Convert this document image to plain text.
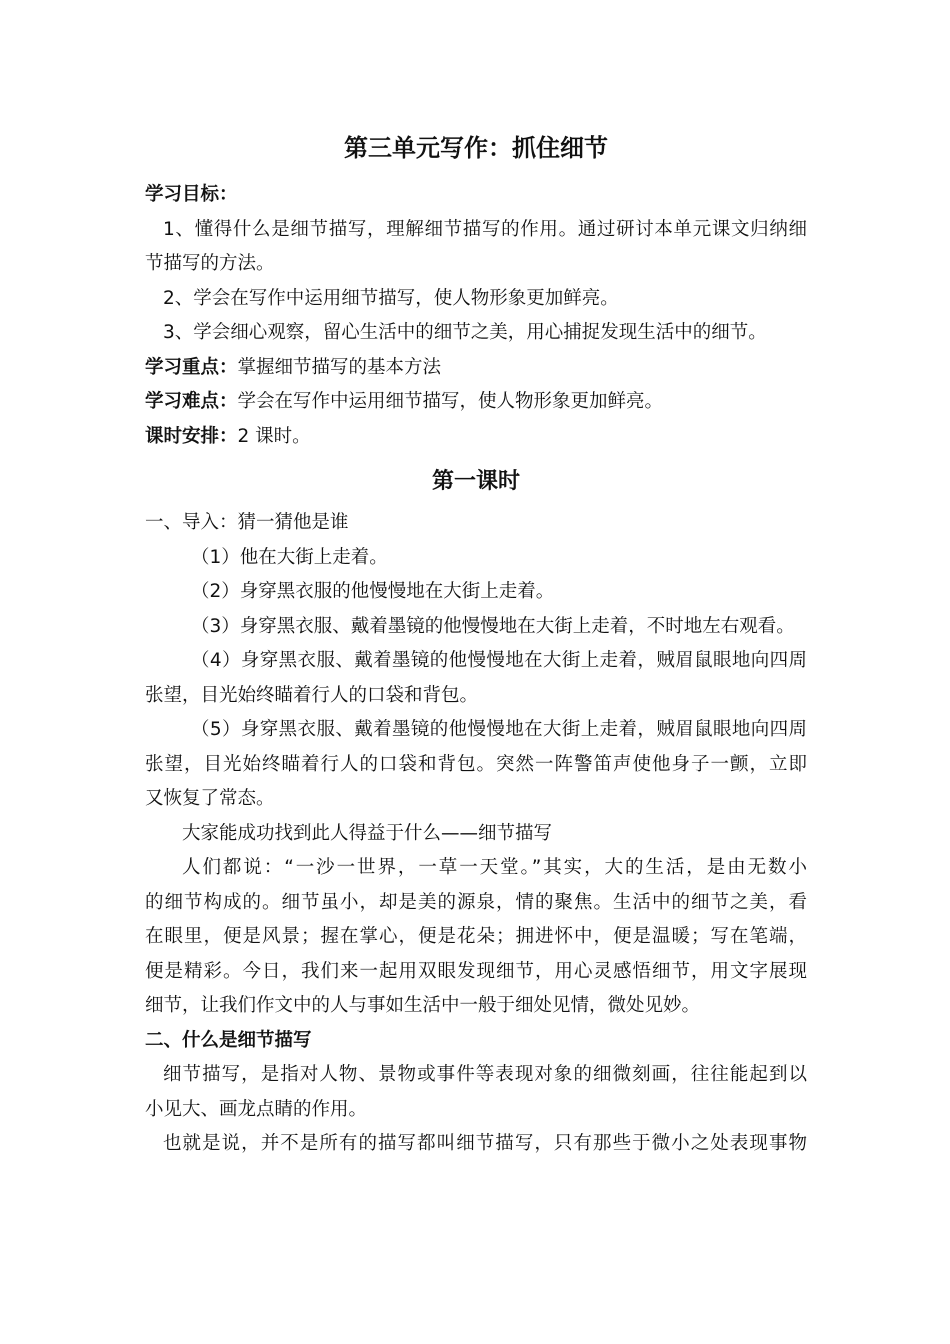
第三单元写作：抓住细节
学习目标：
1、懂得什么是细节描写，理解细节描写的作用。通过研讨本单元课文归纳细
节描写的方法。
2、学会在写作中运用细节描写，使人物形象更加鲜亮。
3、学会细心观察，留心生活中的细节之美，用心捕捉发现生活中的细节。
学习重点：掌握细节描写的基本方法
学习难点：学会在写作中运用细节描写，使人物形象更加鲜亮。
课时安排：2 课时。
第一课时
一、导入：猜一猜他是谁
（1）他在大街上走着。
（2）身穿黑衣服的他慢慢地在大街上走着。
（3）身穿黑衣服、戴着墨镜的他慢慢地在大街上走着，不时地左右观看。
（4）身穿黑衣服、戴着墨镜的他慢慢地在大街上走着，贼眉鼠眼地向四周
张望，目光始终瞄着行人的口袋和背包。
（5）身穿黑衣服、戴着墨镜的他慢慢地在大街上走着，贼眉鼠眼地向四周
张望，目光始终瞄着行人的口袋和背包。突然一阵警笛声使他身子一颤，立即
又恢复了常态。
大家能成功找到此人得益于什么——细节描写
人们都说：“一沙一世界，一草一天堂。”其实，大的生活，是由无数小
的细节构成的。细节虽小，却是美的源泉，情的聚焦。生活中的细节之美，看
在眼里，便是风景；握在掌心，便是花朵；拥进怀中，便是温暖；写在笔端，
便是精彩。今日，我们来一起用双眼发现细节，用心灵感悟细节，用文字展现
细节，让我们作文中的人与事如生活中一般于细处见情，微处见妙。
二、什么是细节描写
细节描写，是指对人物、景物或事件等表现对象的细微刻画，往往能起到以
小见大、画龙点睛的作用。
也就是说，并不是所有的描写都叫细节描写，只有那些于微小之处表现事物
